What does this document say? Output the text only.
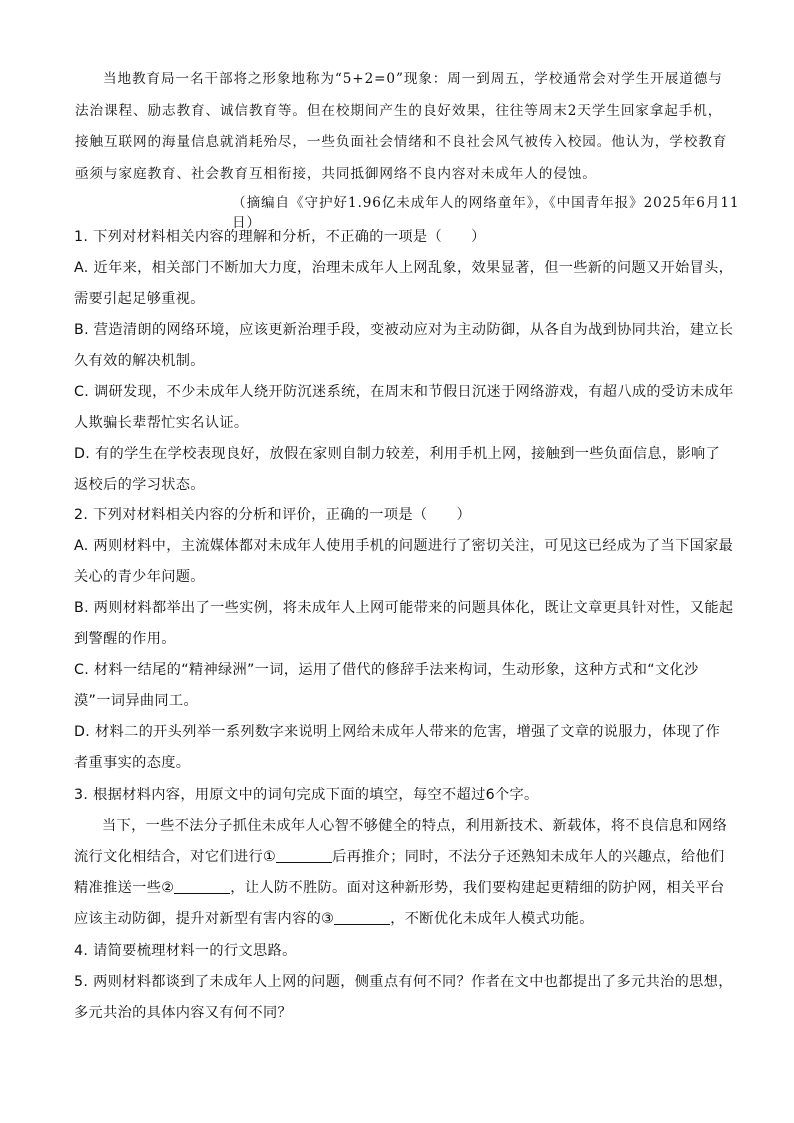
当地教育局一名干部将之形象地称为“5+2=0”现象：周一到周五，学校通常会对学生开展道德与法治课程、励志教育、诚信教育等。但在校期间产生的良好效果，往往等周末2天学生回家拿起手机，接触互联网的海量信息就消耗殆尽，一些负面社会情绪和不良社会风气被传入校园。他认为，学校教育亟须与家庭教育、社会教育互相衔接，共同抵御网络不良内容对未成年人的侵蚀。

（摘编自《守护好1.96亿未成年人的网络童年》，《中国青年报》2025年6月11日）

1. 下列对材料相关内容的理解和分析，不正确的一项是（　　）

A. 近年来，相关部门不断加大力度，治理未成年人上网乱象，效果显著，但一些新的问题又开始冒头，需要引起足够重视。

B. 营造清朗的网络环境，应该更新治理手段，变被动应对为主动防御，从各自为战到协同共治，建立长久有效的解决机制。

C. 调研发现，不少未成年人绕开防沉迷系统，在周末和节假日沉迷于网络游戏，有超八成的受访未成年人欺骗长辈帮忙实名认证。

D. 有的学生在学校表现良好，放假在家则自制力较差，利用手机上网，接触到一些负面信息，影响了返校后的学习状态。

2. 下列对材料相关内容的分析和评价，正确的一项是（　　）

A. 两则材料中，主流媒体都对未成年人使用手机的问题进行了密切关注，可见这已经成为了当下国家最关心的青少年问题。

B. 两则材料都举出了一些实例，将未成年人上网可能带来的问题具体化，既让文章更具针对性，又能起到警醒的作用。

C. 材料一结尾的“精神绿洲”一词，运用了借代的修辞手法来构词，生动形象，这种方式和“文化沙漠”一词异曲同工。

D. 材料二的开头列举一系列数字来说明上网给未成年人带来的危害，增强了文章的说服力，体现了作者重事实的态度。

3. 根据材料内容，用原文中的词句完成下面的填空，每空不超过6个字。

当下，一些不法分子抓住未成年人心智不够健全的特点，利用新技术、新载体，将不良信息和网络流行文化相结合，对它们进行①	后再推介；同时，不法分子还熟知未成年人的兴趣点，给他们精准推送一些②	，让人防不胜防。面对这种新形势，我们要构建起更精细的防护网，相关平台应该主动防御，提升对新型有害内容的③	，不断优化未成年人模式功能。

4. 请简要梳理材料一的行文思路。

5. 两则材料都谈到了未成年人上网的问题，侧重点有何不同？作者在文中也都提出了多元共治的思想，多元共治的具体内容又有何不同？
